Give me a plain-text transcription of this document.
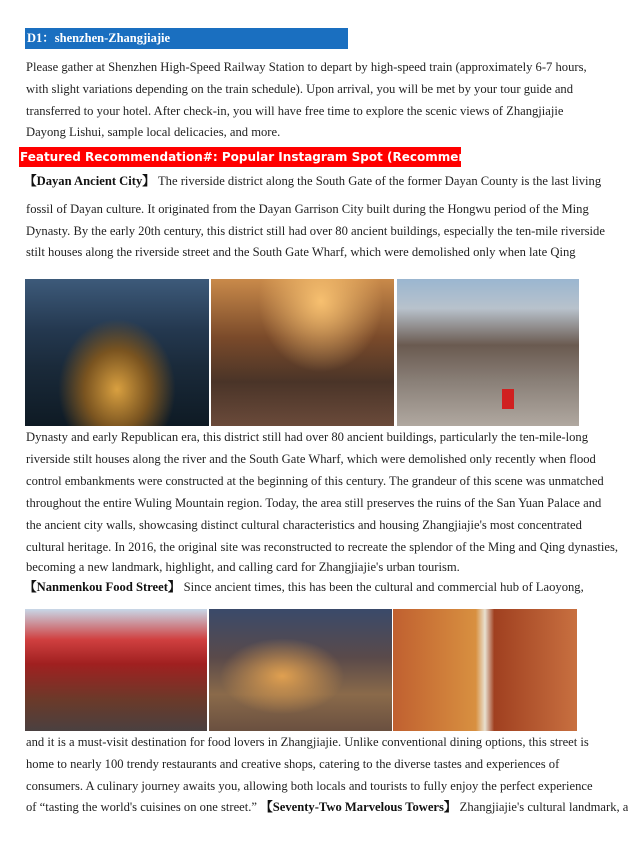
D1：shenzhen-Zhangjiajie
Please gather at Shenzhen High-Speed Railway Station to depart by high-speed train (approximately 6-7 hours,
with slight variations depending on the train schedule). Upon arrival, you will be met by your tour guide and
transferred to your hotel. After check-in, you will have free time to explore the scenic views of Zhangjiajie
Dayong Lishui, sample local delicacies, and more.
Featured Recommendation#: Popular Instagram Spot (Recommendation
【Dayan Ancient City】 The riverside district along the South Gate of the former Dayan County is the last living
fossil of Dayan culture. It originated from the Dayan Garrison City built during the Hongwu period of the Ming
Dynasty. By the early 20th century, this district still had over 80 ancient buildings, especially the ten-mile riverside
stilt houses along the riverside street and the South Gate Wharf, which were demolished only when late Qing
Dynasty and early Republican era, this district still had over 80 ancient buildings, particularly the ten-mile-long
riverside stilt houses along the river and the South Gate Wharf, which were demolished only recently when flood
control embankments were constructed at the beginning of this century. The grandeur of this scene was unmatched
throughout the entire Wuling Mountain region. Today, the area still preserves the ruins of the San Yuan Palace and
the ancient city walls, showcasing distinct cultural characteristics and housing Zhangjiajie's most concentrated
cultural heritage. In 2016, the original site was reconstructed to recreate the splendor of the Ming and Qing dynasties,
becoming a new landmark, highlight, and calling card for Zhangjiajie's urban tourism.
【Nanmenkou Food Street】 Since ancient times, this has been the cultural and commercial hub of Laoyong,
and it is a must-visit destination for food lovers in Zhangjiajie. Unlike conventional dining options, this street is
home to nearly 100 trendy restaurants and creative shops, catering to the diverse tastes and experiences of
consumers. A culinary journey awaits you, allowing both locals and tourists to fully enjoy the perfect experience
of “tasting the world's cuisines on one street.” 【Seventy-Two Marvelous Towers】 Zhangjiajie's cultural landmark, a
